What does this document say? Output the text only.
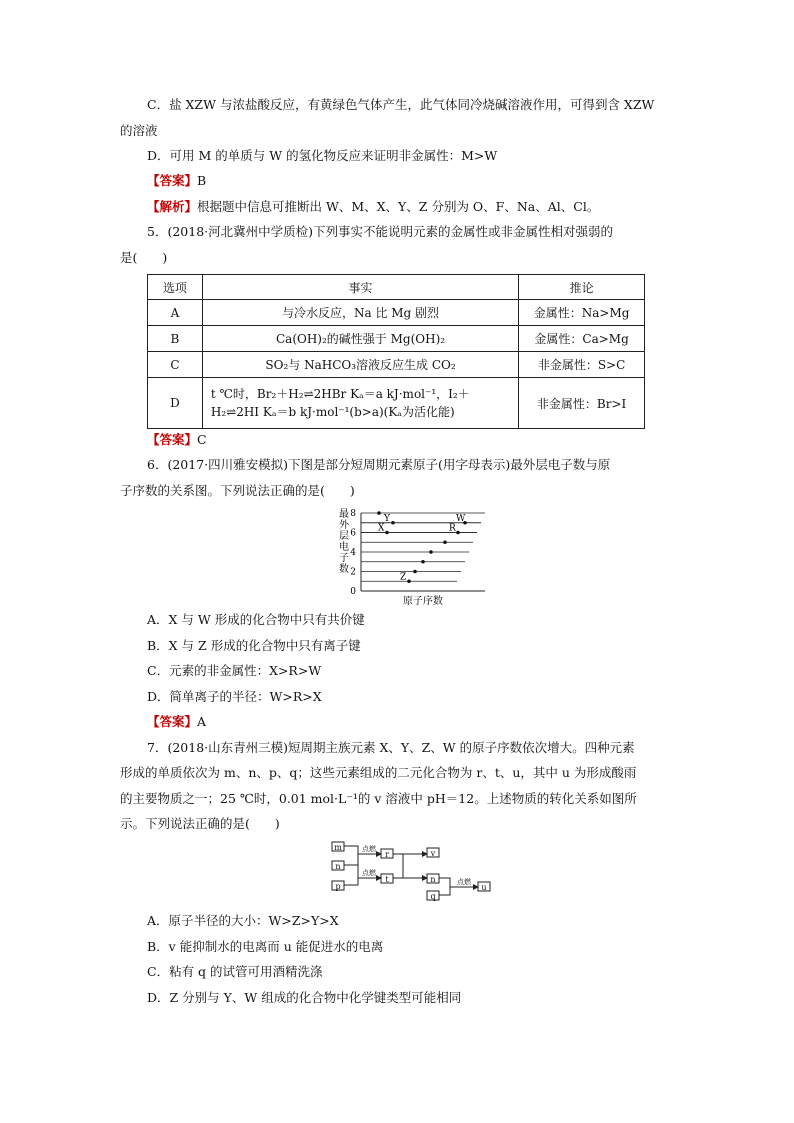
C．盐 XZW 与浓盐酸反应，有黄绿色气体产生，此气体同冷烧碱溶液作用，可得到含 XZW
的溶液
D．可用 M 的单质与 W 的氢化物反应来证明非金属性：M>W
【答案】B
【解析】根据题中信息可推断出 W、M、X、Y、Z 分别为 O、F、Na、Al、Cl。
5．(2018·河北冀州中学质检)下列事实不能说明元素的金属性或非金属性相对强弱的
是(　　)
选项	事实	推论
A	与冷水反应，Na 比 Mg 剧烈	金属性：Na>Mg
B	Ca(OH)₂的碱性强于 Mg(OH)₂	金属性：Ca>Mg
C	SO₂与 NaHCO₃溶液反应生成 CO₂	非金属性：S>C
D	t ℃时，Br₂＋H₂⇌2HBr Kₐ＝a kJ·mol⁻¹，I₂＋
H₂⇌2HI Kₐ＝b kJ·mol⁻¹(b>a)(Kₐ为活化能)	非金属性：Br>I
【答案】C
6．(2017·四川雅安模拟)下图是部分短周期元素原子(用字母表示)最外层电子数与原
子序数的关系图。下列说法正确的是(　　)
最
外
层
电
子
数
8
6
4
2
0
Y
X
W
R
Z
原子序数
A．X 与 W 形成的化合物中只有共价键
B．X 与 Z 形成的化合物中只有离子键
C．元素的非金属性：X>R>W
D．简单离子的半径：W>R>X
【答案】A
7．(2018·山东青州三模)短周期主族元素 X、Y、Z、W 的原子序数依次增大。四种元素
形成的单质依次为 m、n、p、q；这些元素组成的二元化合物为 r、t、u，其中 u 为形成酸雨
的主要物质之一；25 ℃时，0.01 mol·L⁻¹的 v 溶液中 pH＝12。上述物质的转化关系如图所
示。下列说法正确的是(　　)
m
n
p
r
t
v
n
q
u
点燃
点燃
点燃
A．原子半径的大小：W>Z>Y>X
B．v 能抑制水的电离而 u 能促进水的电离
C．粘有 q 的试管可用酒精洗涤
D．Z 分别与 Y、W 组成的化合物中化学键类型可能相同
